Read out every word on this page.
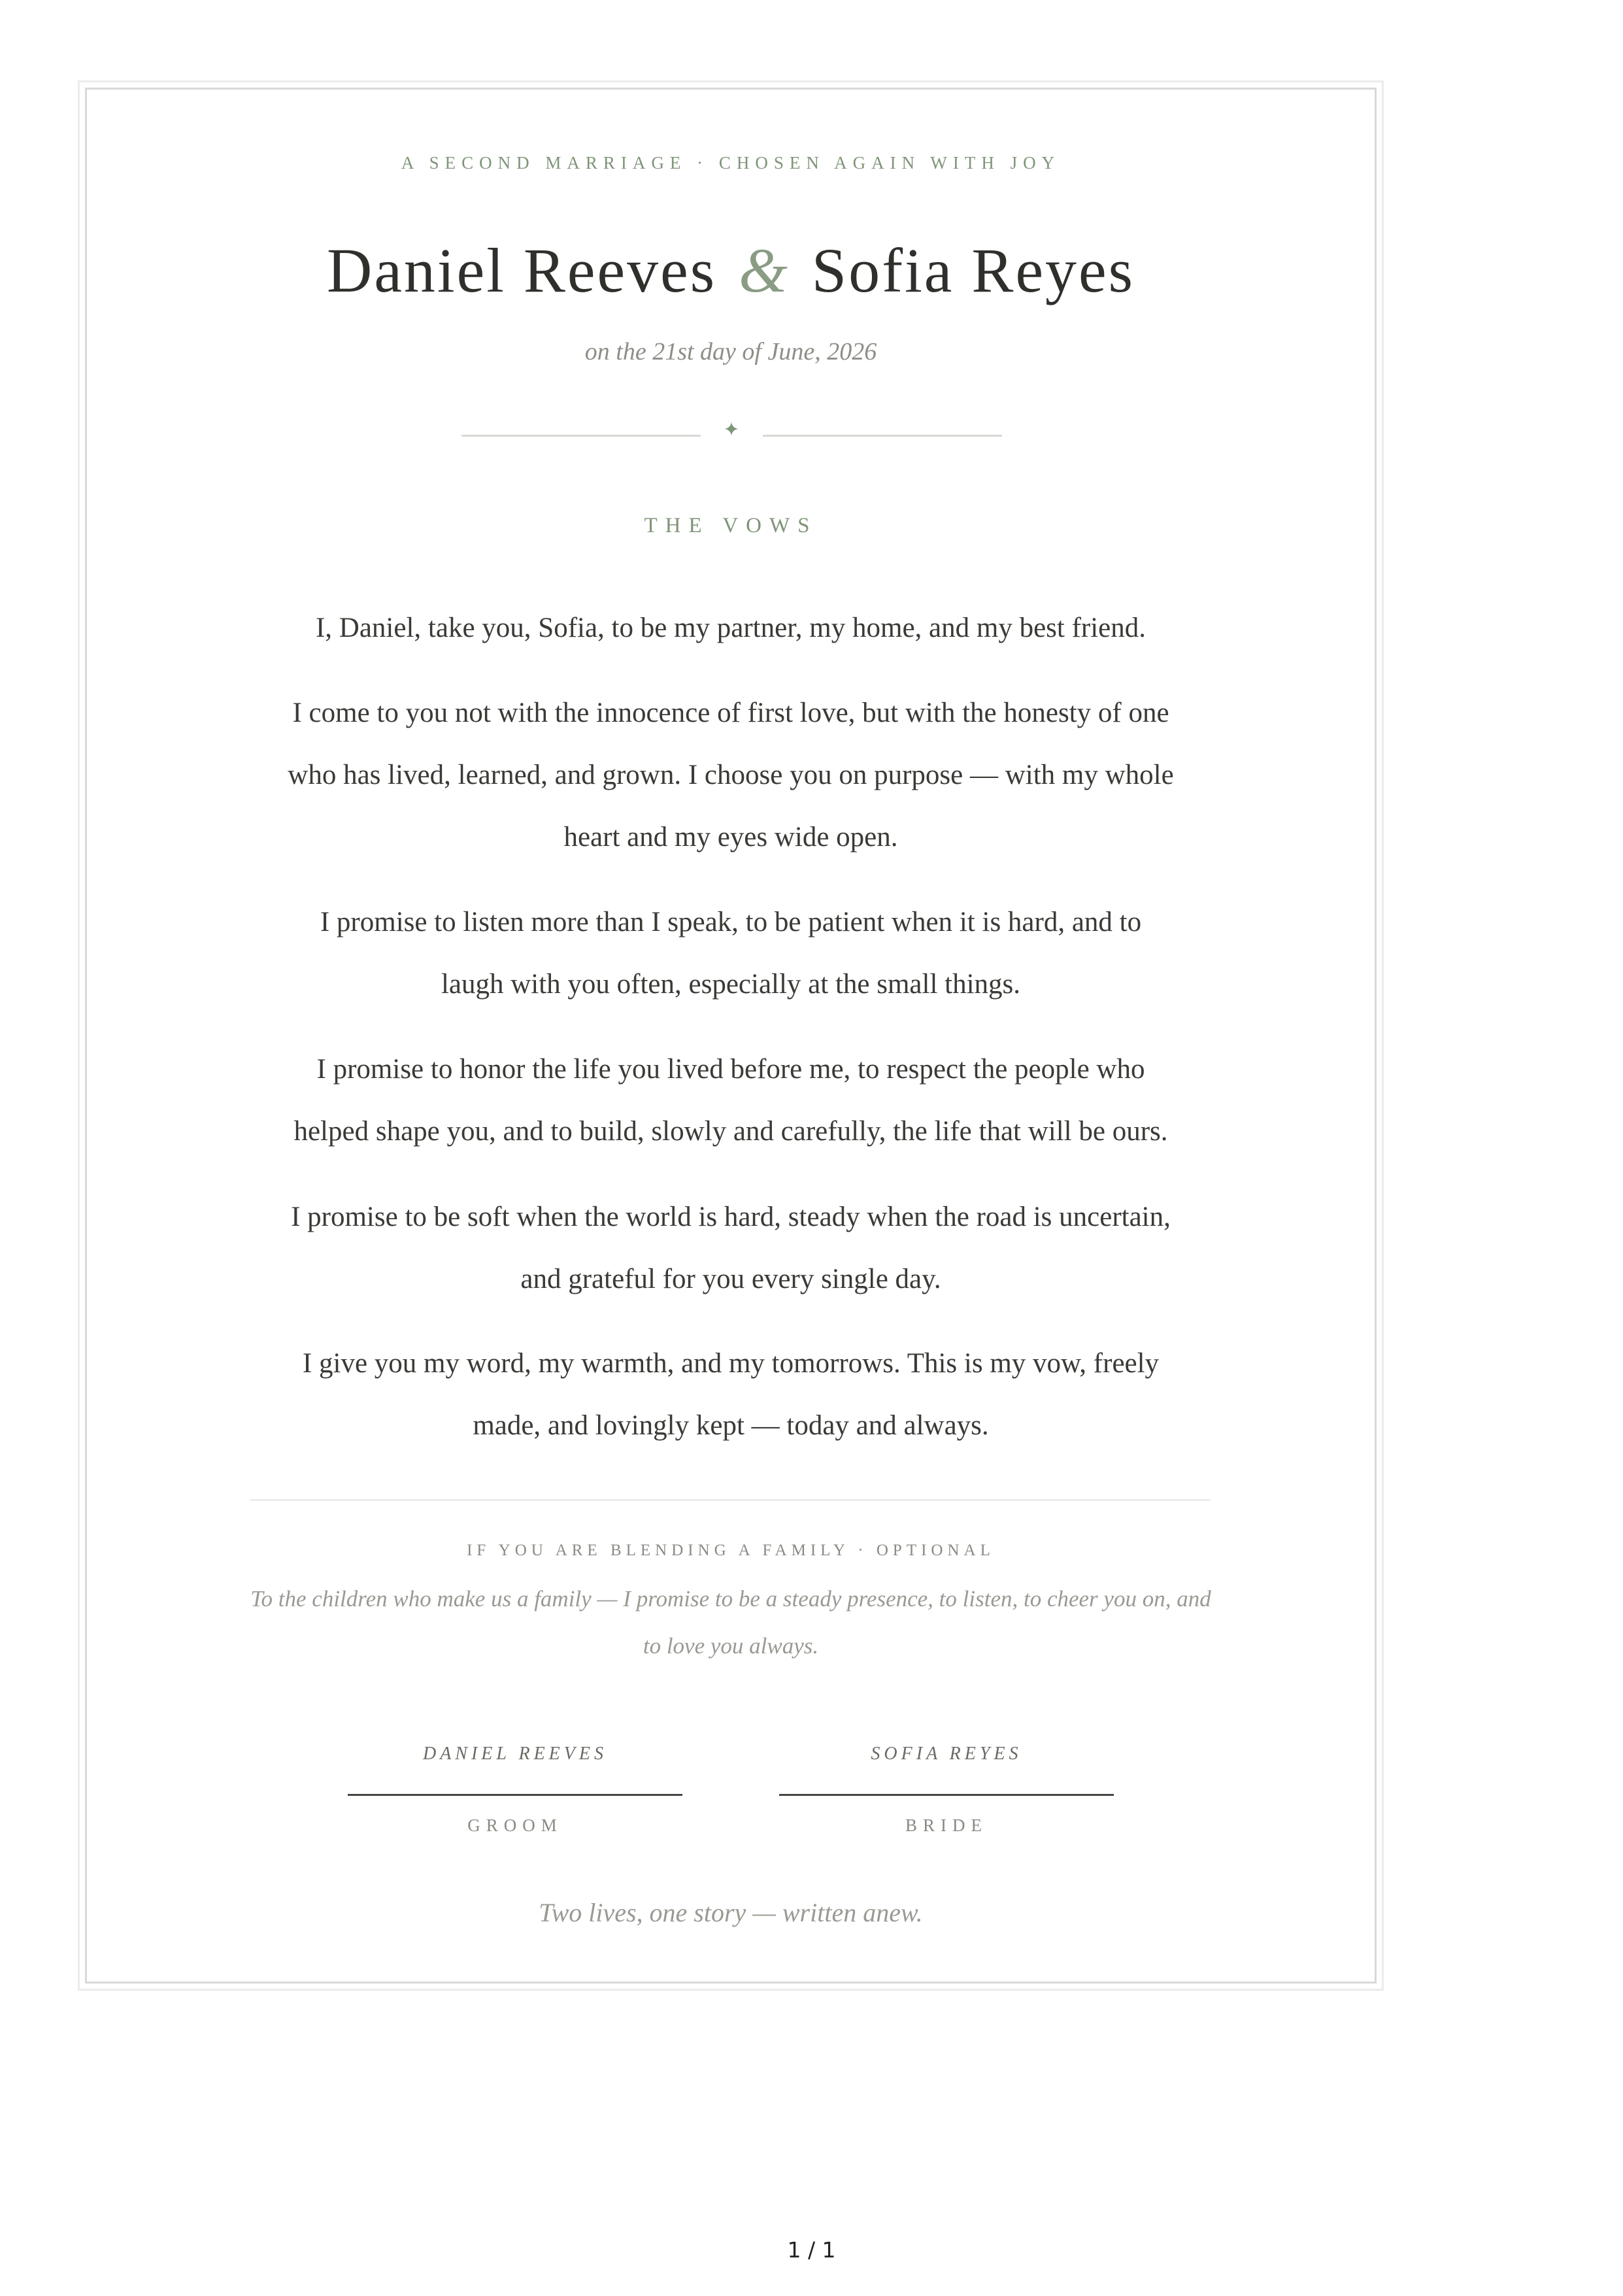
A SECOND MARRIAGE · CHOSEN AGAIN WITH JOY
Daniel Reeves & Sofia Reyes
on the 21st day of June, 2026
✦
THE VOWS

I, Daniel, take you, Sofia, to be my partner, my home, and my best friend.

I come to you not with the innocence of first love, but with the honesty of one

who has lived, learned, and grown. I choose you on purpose — with my whole

heart and my eyes wide open.

I promise to listen more than I speak, to be patient when it is hard, and to

laugh with you often, especially at the small things.

I promise to honor the life you lived before me, to respect the people who

helped shape you, and to build, slowly and carefully, the life that will be ours.

I promise to be soft when the world is hard, steady when the road is uncertain,

and grateful for you every single day.

I give you my word, my warmth, and my tomorrows. This is my vow, freely

made, and lovingly kept — today and always.

IF YOU ARE BLENDING A FAMILY · OPTIONAL

To the children who make us a family — I promise to be a steady presence, to listen, to cheer you on, and

to love you always.

DANIEL REEVES
GROOM
SOFIA REYES
BRIDE
Two lives, one story — written anew.
1 / 1
